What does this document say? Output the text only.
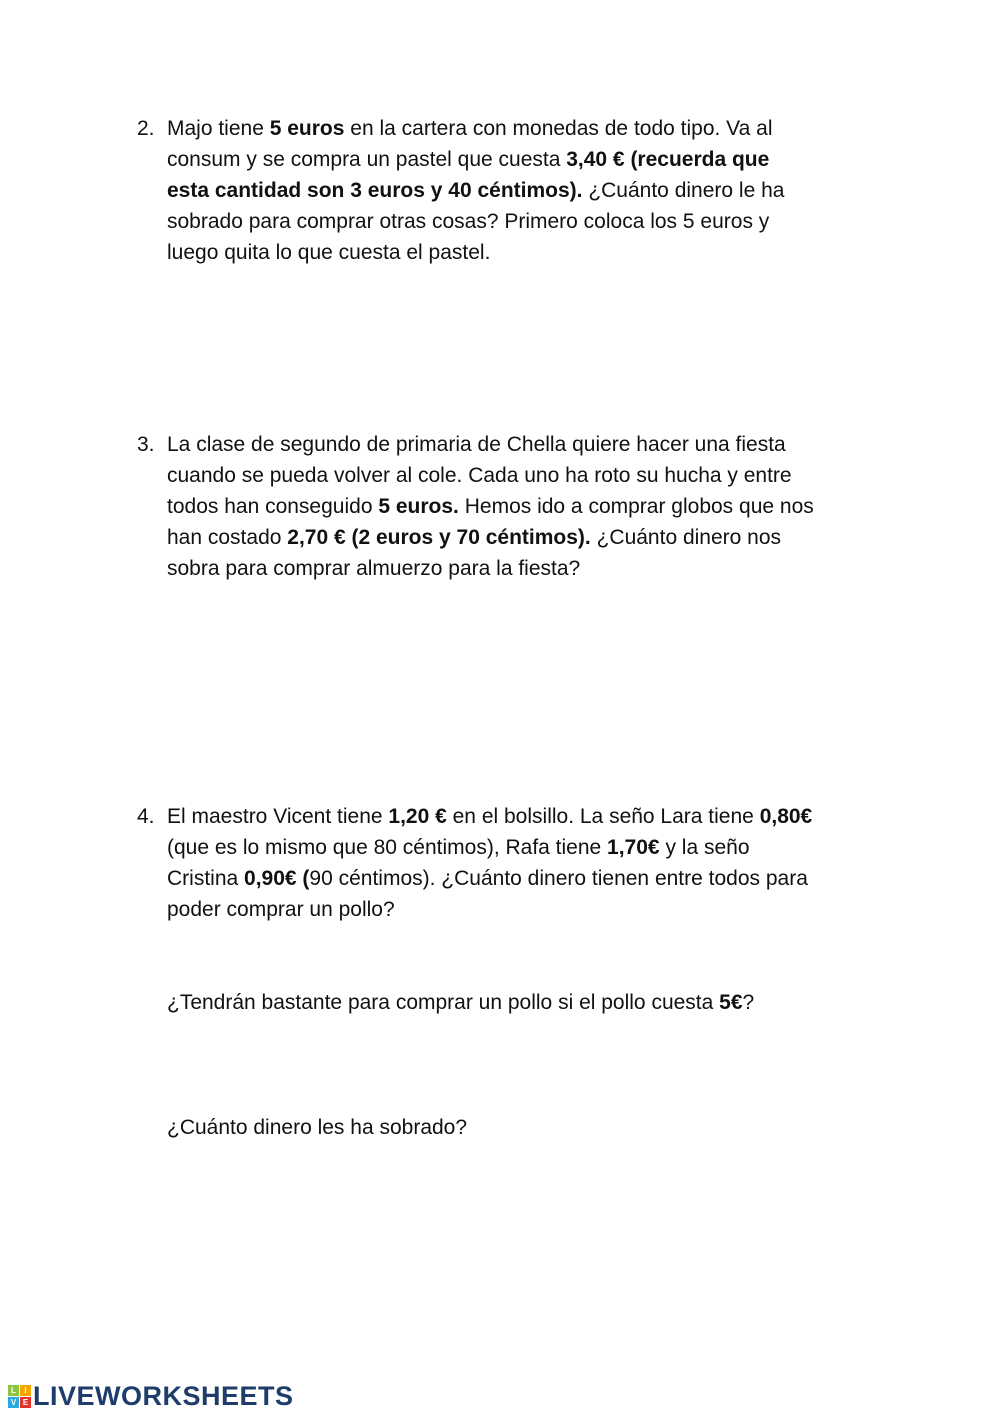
2. Majo tiene 5 euros en la cartera con monedas de todo tipo. Va al
consum y se compra un pastel que cuesta 3,40 € (recuerda que
esta cantidad son 3 euros y 40 céntimos). ¿Cuánto dinero le ha
sobrado para comprar otras cosas? Primero coloca los 5 euros y
luego quita lo que cuesta el pastel.
3. La clase de segundo de primaria de Chella quiere hacer una fiesta
cuando se pueda volver al cole. Cada uno ha roto su hucha y entre
todos han conseguido 5 euros. Hemos ido a comprar globos que nos
han costado 2,70 € (2 euros y 70 céntimos). ¿Cuánto dinero nos
sobra para comprar almuerzo para la fiesta?
4. El maestro Vicent tiene 1,20 € en el bolsillo. La seño Lara tiene 0,80€
(que es lo mismo que 80 céntimos), Rafa tiene 1,70€ y la seño
Cristina 0,90€ (90 céntimos). ¿Cuánto dinero tienen entre todos para
poder comprar un pollo?
¿Tendrán bastante para comprar un pollo si el pollo cuesta 5€?
¿Cuánto dinero les ha sobrado?
L	I
V E LIVEWORKSHEETS
